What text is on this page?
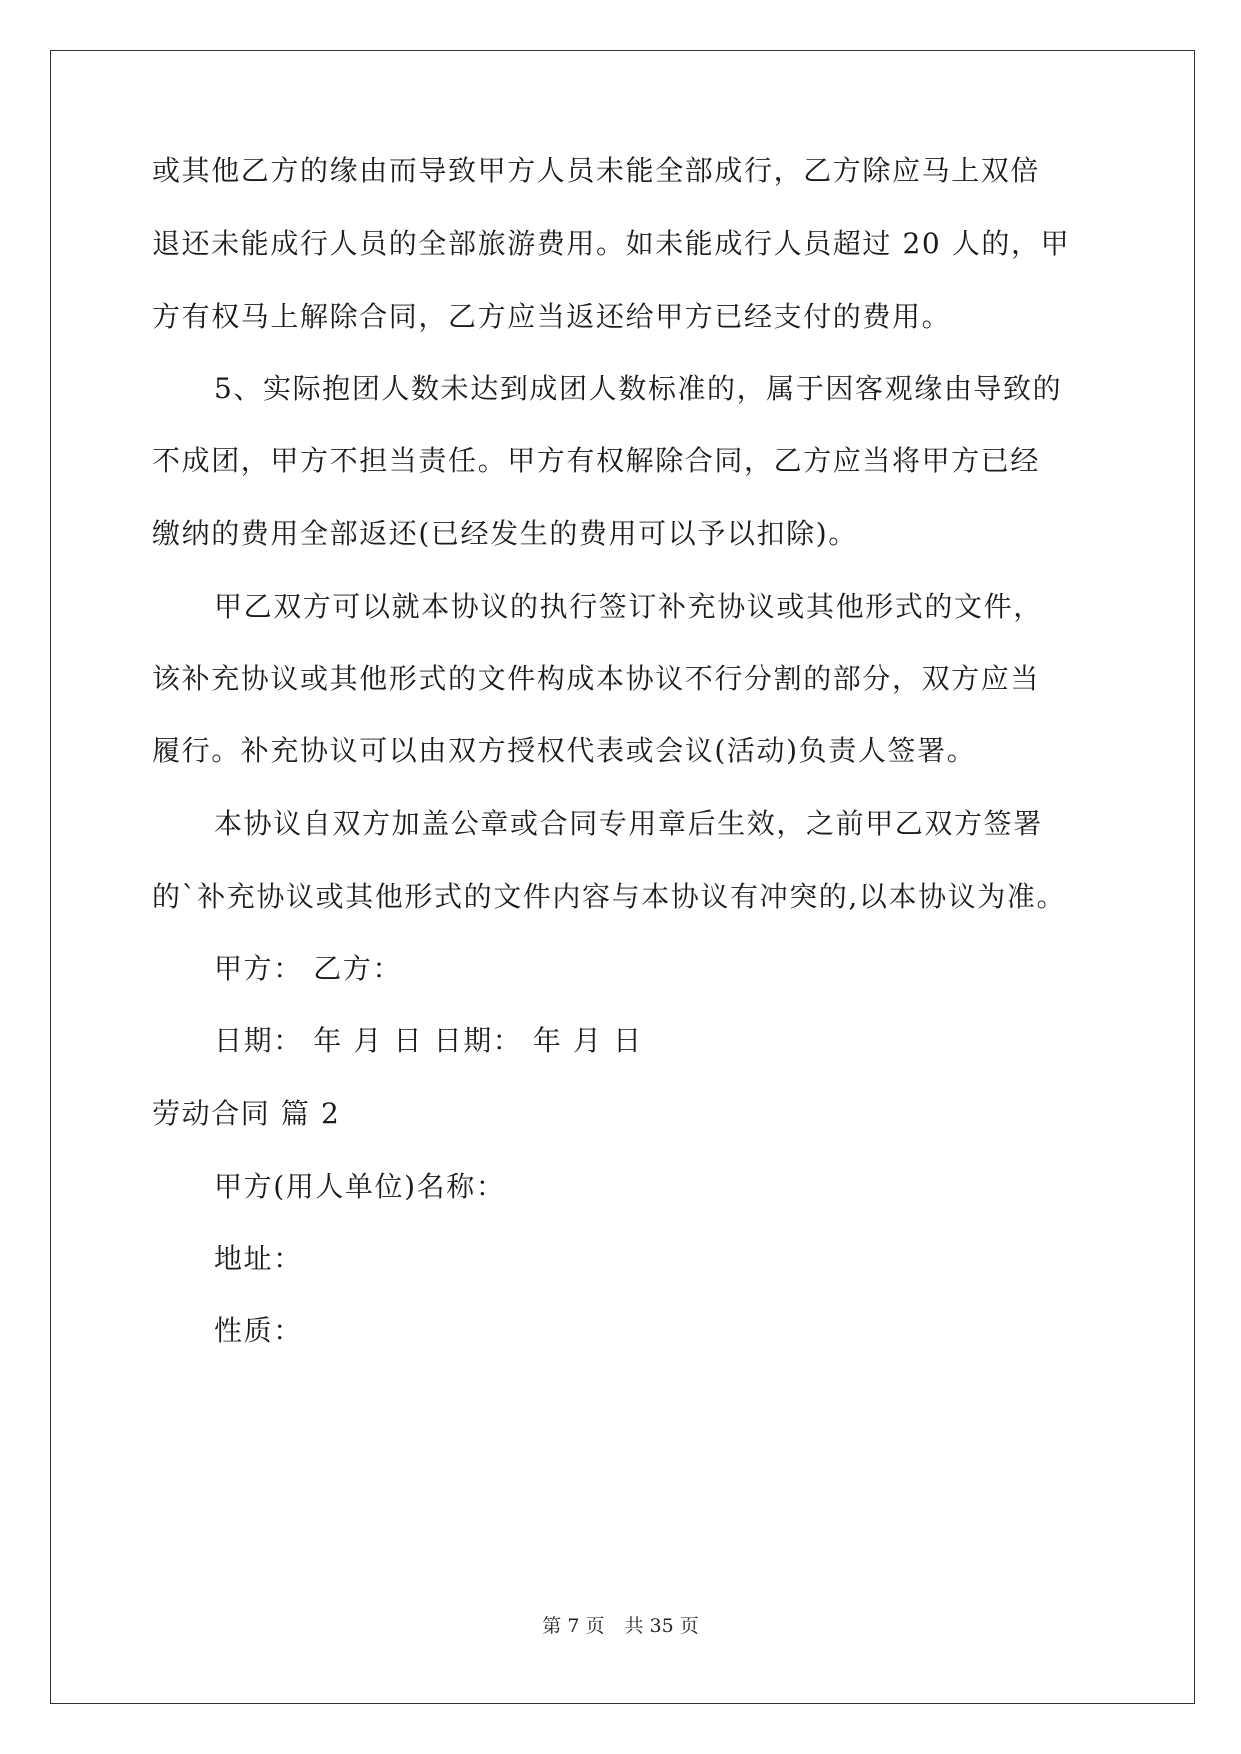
或其他乙方的缘由而导致甲方人员未能全部成行，乙方除应马上双倍
退还未能成行人员的全部旅游费用。如未能成行人员超过 20 人的，甲
方有权马上解除合同，乙方应当返还给甲方已经支付的费用。
5、实际抱团人数未达到成团人数标准的，属于因客观缘由导致的
不成团，甲方不担当责任。甲方有权解除合同，乙方应当将甲方已经
缴纳的费用全部返还(已经发生的费用可以予以扣除)。
甲乙双方可以就本协议的执行签订补充协议或其他形式的文件，
该补充协议或其他形式的文件构成本协议不行分割的部分，双方应当
履行。补充协议可以由双方授权代表或会议(活动)负责人签署。
本协议自双方加盖公章或合同专用章后生效，之前甲乙双方签署
的`补充协议或其他形式的文件内容与本协议有冲突的,以本协议为准。
甲方： 乙方：
日期： 年 月 日 日期： 年 月 日
劳动合同 篇 2
甲方(用人单位)名称：
地址：
性质：
第 7 页 共 35 页
